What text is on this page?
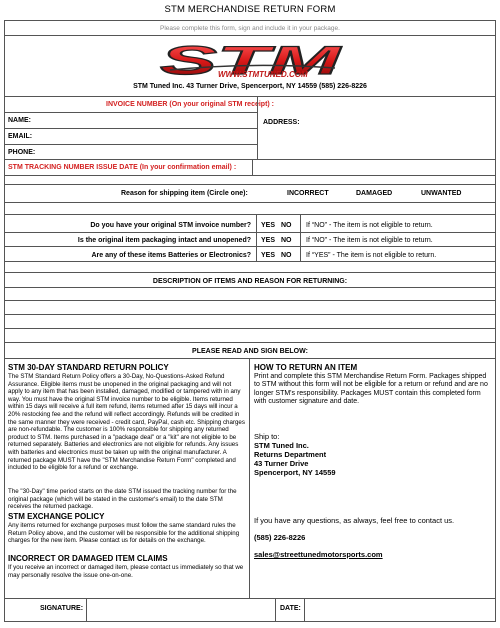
STM MERCHANDISE RETURN FORM
Please complete this form, sign and include it in your package.
STM
WWW.STMTUNED.COM
STM Tuned Inc. 43 Turner Drive, Spencerport, NY 14559 (585) 226-8226
INVOICE NUMBER (On your original STM receipt) :
ADDRESS:
NAME:
EMAIL:
PHONE:
STM TRACKING NUMBER ISSUE DATE (In your confirmation email) :
Reason for shipping item (Circle one):	INCORRECT	DAMAGED	UNWANTED
Do you have your original STM invoice number? YES NO If “NO” - The item is not eligible to return.
Is the original item packaging intact and unopened? YES NO If “NO” - The item is not eligible to return.
Are any of these items Batteries or Electronics? YES NO If “YES” - The item is not eligible to return.
DESCRIPTION OF ITEMS AND REASON FOR RETURNING:
PLEASE READ AND SIGN BELOW:
STM 30-DAY STANDARD RETURN POLICY
The STM Standard Return Policy offers a 30-Day, No-Questions-Asked Refund Assurance. Eligible items must be unopened in the original packaging and will not apply to any item that has been installed, damaged, modified or tampered with in any way. You must have the original STM invoice number to be eligible. Items returned within 15 days will receive a full item refund, items returned after 15 days will incur a 20% restocking fee and the refund will reflect accordingly. Refunds will be credited in the same manner they were received - credit card, PayPal, cash etc. Shipping charges are non-refundable. The customer is 100% responsible for shipping any returned product to STM. Items purchased in a "package deal" or a "kit" are not eligible to be returned separately. Batteries and electronics are not eligible for refunds. Any issues with batteries and electronics must be taken up with the original manufacturer. A returned package MUST have the "STM Merchandise Return Form" completed and included to be eligible for a refund or exchange.
The "30-Day" time period starts on the date STM issued the tracking number for the original package (which will be stated in the customer's email) to the date STM receives the returned package.
STM EXCHANGE POLICY
Any items returned for exchange purposes must follow the same standard rules the Return Policy above, and the customer will be responsible for the additional shipping charges for the new item. Please contact us for details on the exchange.
INCORRECT OR DAMAGED ITEM CLAIMS
If you receive an incorrect or damaged item, please contact us immediately so that we may personally resolve the issue one-on-one.
HOW TO RETURN AN ITEM
Print and complete this STM Merchandise Return Form. Packages shipped to STM without this form will not be eligible for a return or refund and are no longer STM's responsibility. Packages MUST contain this completed form with customer signature and date.
Ship to:
STM Tuned Inc.
Returns Department
43 Turner Drive
Spencerport, NY 14559
If you have any questions, as always, feel free to contact us.
(585) 226-8226
sales@streettunedmotorsports.com
SIGNATURE:	DATE:
